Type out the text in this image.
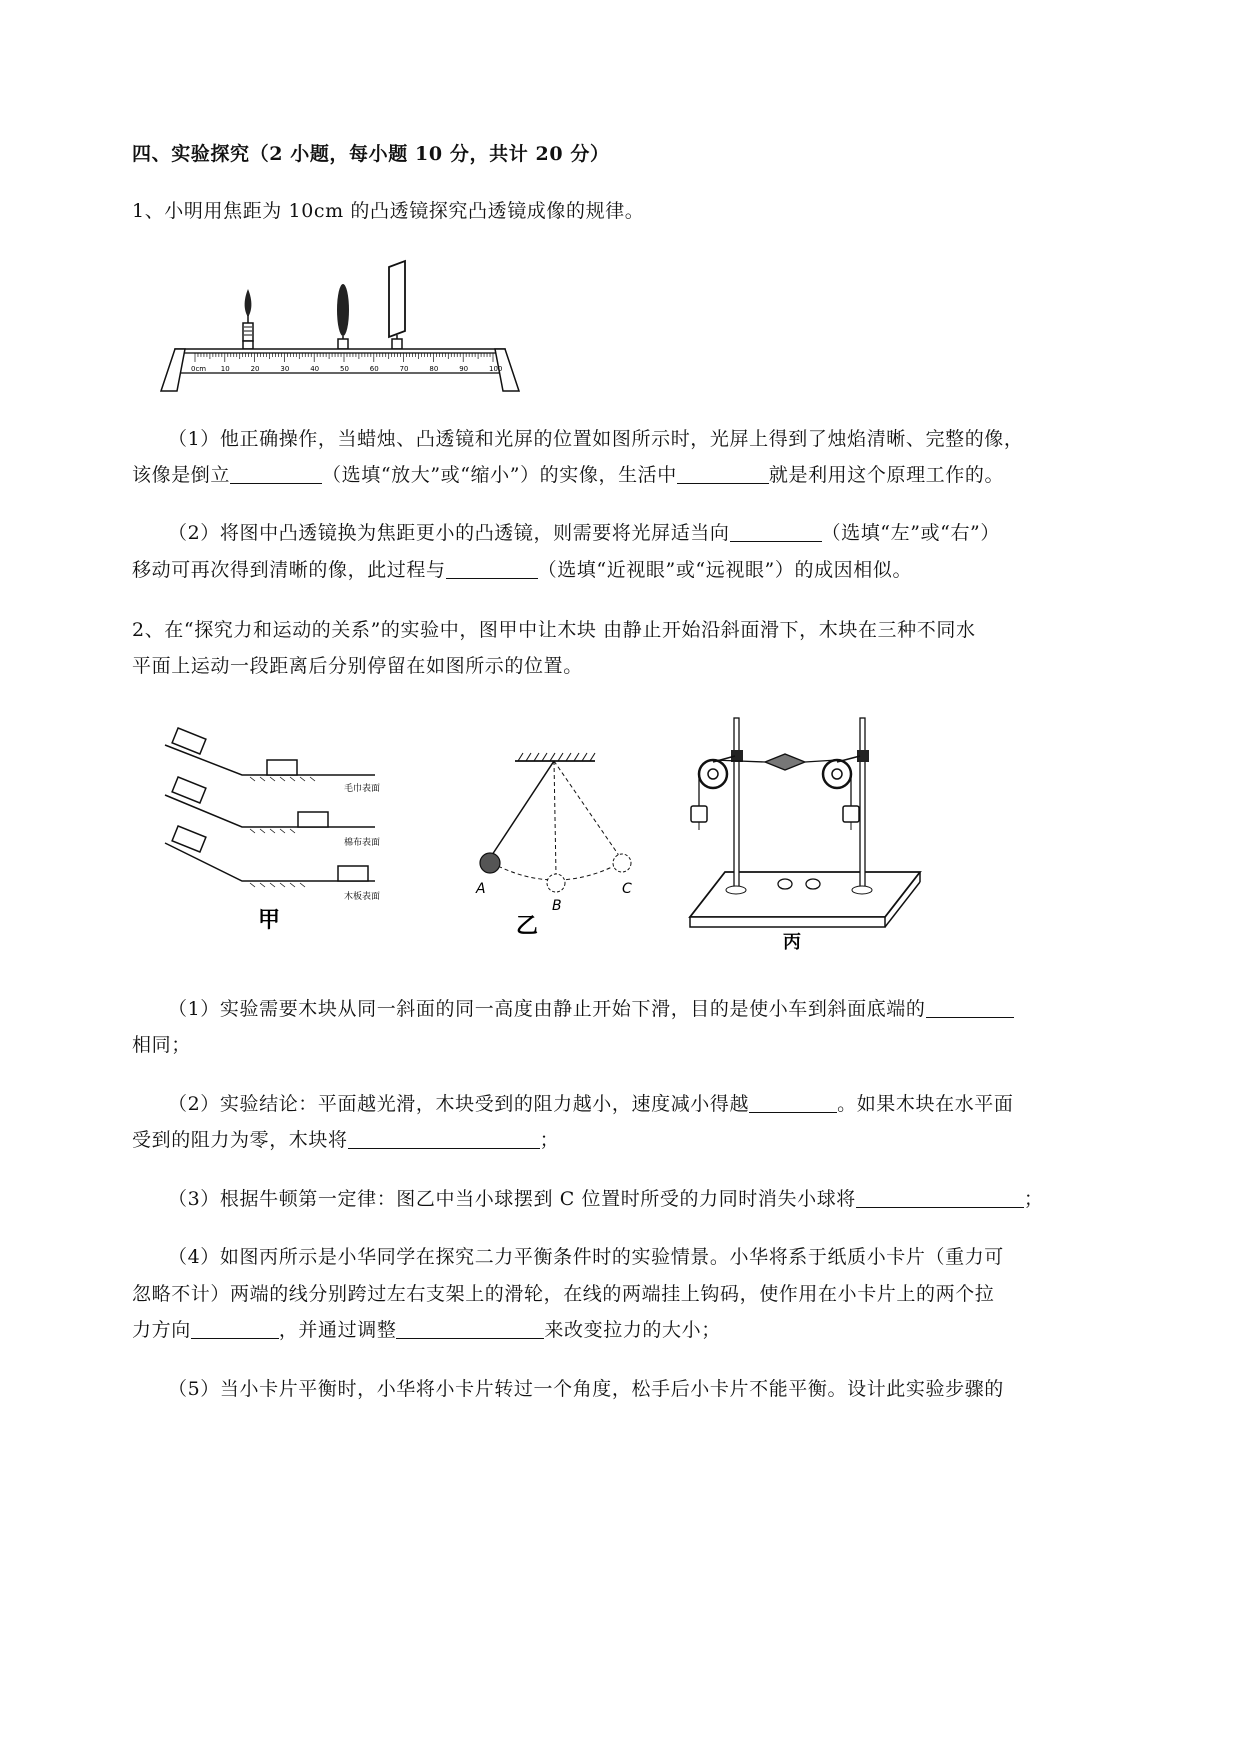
四、实验探究（2 小题，每小题 10 分，共计 20 分）
1、小明用焦距为 10cm 的凸透镜探究凸透镜成像的规律。
0cm 10	20	30	40	50	60	70	80	90	100
（1）他正确操作，当蜡烛、凸透镜和光屏的位置如图所示时，光屏上得到了烛焰清晰、完整的像，
该像是倒立	（选填“放大”或“缩小”）的实像，生活中	就是利用这个原理工作的。
（2）将图中凸透镜换为焦距更小的凸透镜，则需要将光屏适当向	（选填“左”或“右”）
移动可再次得到清晰的像，此过程与	（选填“近视眼”或“远视眼”）的成因相似。
2、在“探究力和运动的关系”的实验中，图甲中让木块 由静止开始沿斜面滑下，木块在三种不同水
平面上运动一段距离后分别停留在如图所示的位置。
毛巾表面
棉布表面
木板表面
甲
A
B
C
乙
丙
（1）实验需要木块从同一斜面的同一高度由静止开始下滑，目的是使小车到斜面底端的
相同；
（2）实验结论：平面越光滑，木块受到的阻力越小，速度减小得越	。如果木块在水平面
受到的阻力为零，木块将	；
（3）根据牛顿第一定律：图乙中当小球摆到 C 位置时所受的力同时消失小球将	；
（4）如图丙所示是小华同学在探究二力平衡条件时的实验情景。小华将系于纸质小卡片（重力可
忽略不计）两端的线分别跨过左右支架上的滑轮，在线的两端挂上钩码，使作用在小卡片上的两个拉
力方向	，并通过调整	来改变拉力的大小；
（5）当小卡片平衡时，小华将小卡片转过一个角度，松手后小卡片不能平衡。设计此实验步骤的
